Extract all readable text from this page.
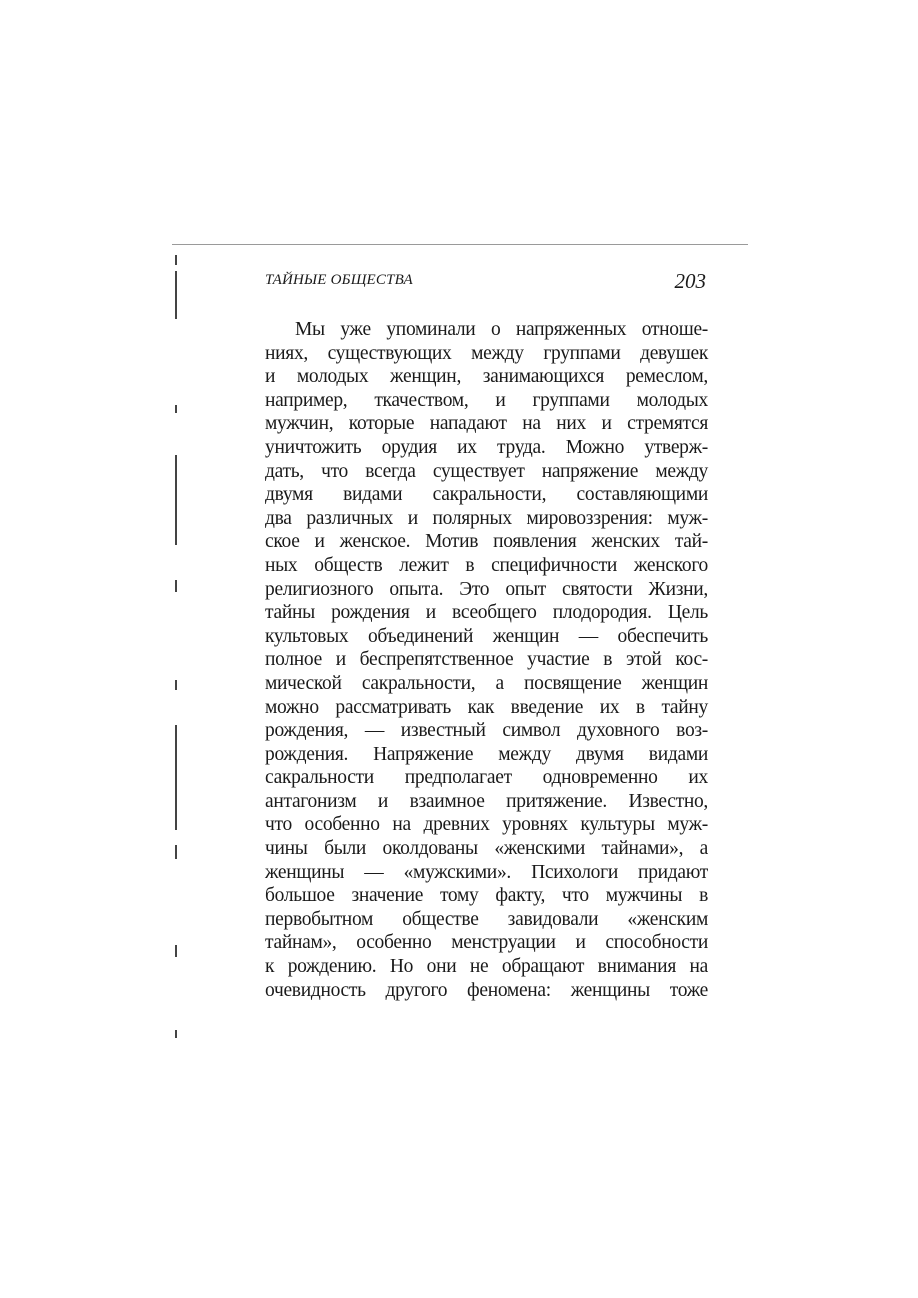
ТАЙНЫЕ ОБЩЕСТВА	203
Мы уже упоминали о напряженных отноше-
ниях, существующих между группами девушек
и молодых женщин, занимающихся ремеслом,
например, ткачеством, и группами молодых
мужчин, которые нападают на них и стремятся
уничтожить орудия их труда. Можно утверж-
дать, что всегда существует напряжение между
двумя видами сакральности, составляющими
два различных и полярных мировоззрения: муж-
ское и женское. Мотив появления женских тай-
ных обществ лежит в специфичности женского
религиозного опыта. Это опыт святости Жизни,
тайны рождения и всеобщего плодородия. Цель
культовых объединений женщин — обеспечить
полное и беспрепятственное участие в этой кос-
мической сакральности, а посвящение женщин
можно рассматривать как введение их в тайну
рождения, — известный символ духовного воз-
рождения. Напряжение между двумя видами
сакральности предполагает одновременно их
антагонизм и взаимное притяжение. Известно,
что особенно на древних уровнях культуры муж-
чины были околдованы «женскими тайнами», а
женщины — «мужскими». Психологи придают
большое значение тому факту, что мужчины в
первобытном обществе завидовали «женским
тайнам», особенно менструации и способности
к рождению. Но они не обращают внимания на
очевидность другого феномена: женщины тоже
